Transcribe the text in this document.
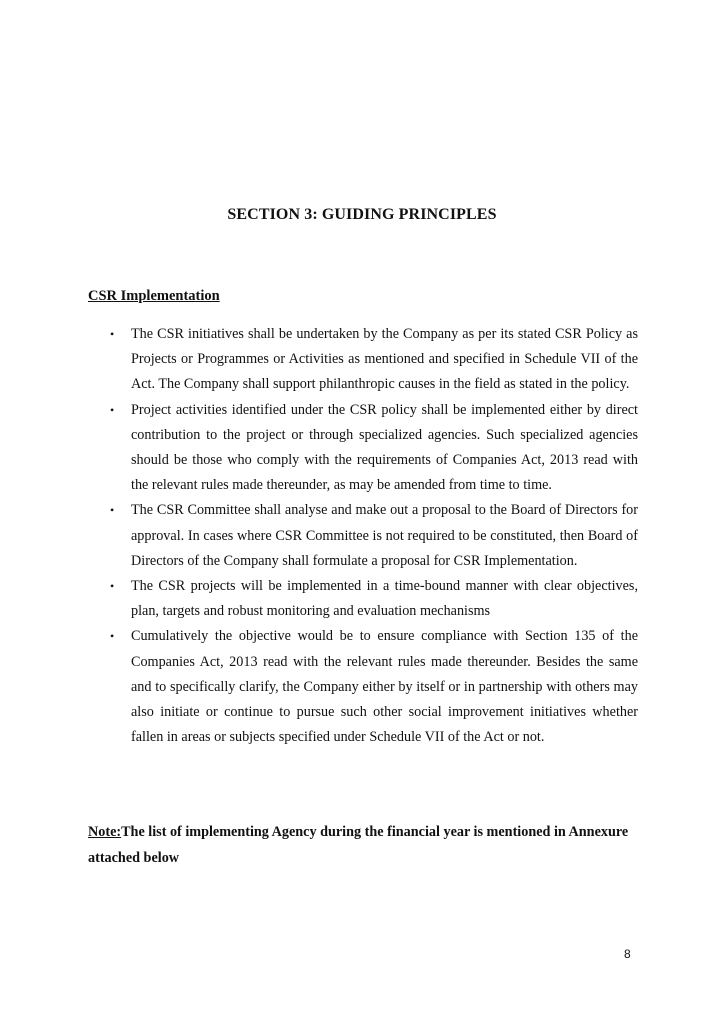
SECTION 3: GUIDING PRINCIPLES
CSR Implementation
• The CSR initiatives shall be undertaken by the Company as per its stated CSR Policy as Projects or Programmes or Activities as mentioned and specified in Schedule VII of the Act. The Company shall support philanthropic causes in the field as stated in the policy.
• Project activities identified under the CSR policy shall be implemented either by direct contribution to the project or through specialized agencies. Such specialized agencies should be those who comply with the requirements of Companies Act, 2013 read with the relevant rules made thereunder, as may be amended from time to time.
• The CSR Committee shall analyse and make out a proposal to the Board of Directors for approval. In cases where CSR Committee is not required to be constituted, then Board of Directors of the Company shall formulate a proposal for CSR Implementation.
• The CSR projects will be implemented in a time-bound manner with clear objectives, plan, targets and robust monitoring and evaluation mechanisms
• Cumulatively the objective would be to ensure compliance with Section 135 of the Companies Act, 2013 read with the relevant rules made thereunder. Besides the same and to specifically clarify, the Company either by itself or in partnership with others may also initiate or continue to pursue such other social improvement initiatives whether fallen in areas or subjects specified under Schedule VII of the Act or not.
Note:The list of implementing Agency during the financial year is mentioned in Annexure attached below
8
